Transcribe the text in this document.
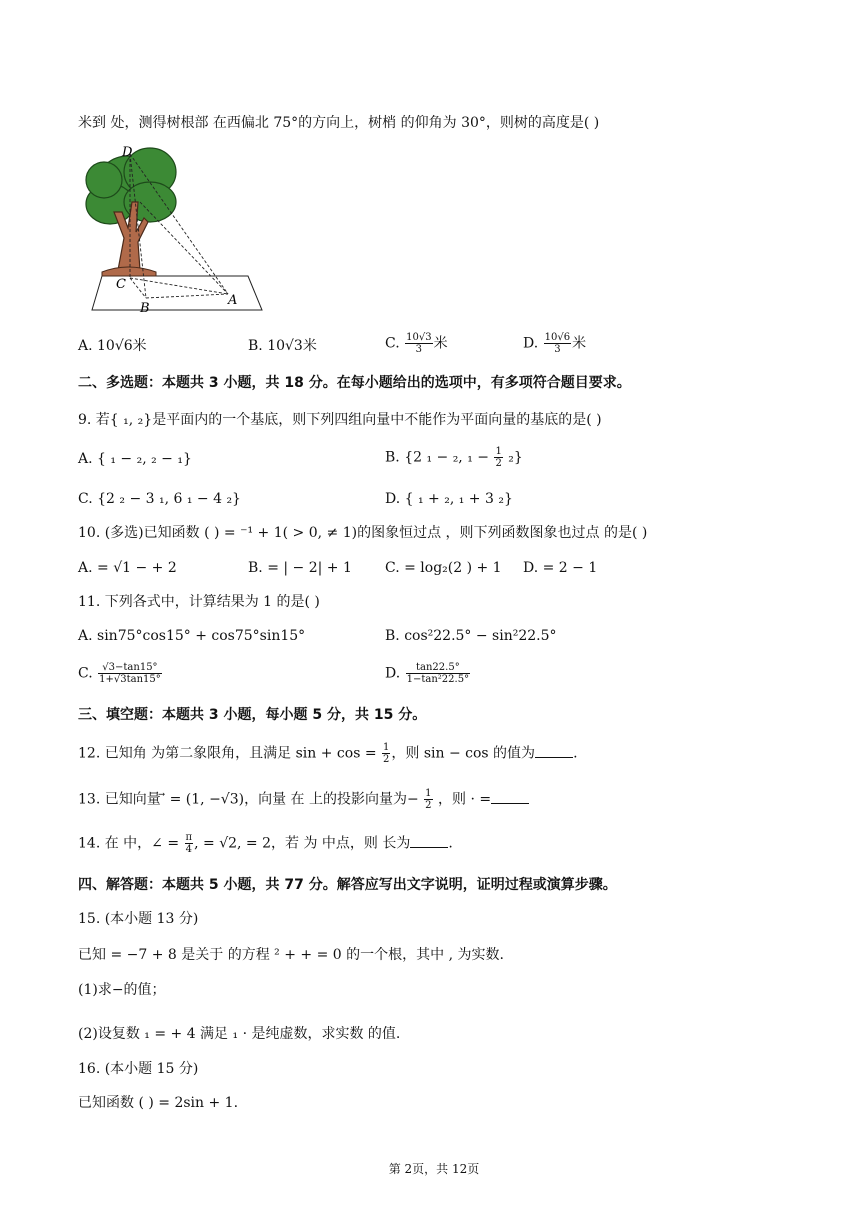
米到 处，测得树根部 在西偏北 75°的方向上，树梢 的仰角为 30°，则树的高度是( )
D
C
B
A
A. 10√6米	B. 10√3米	C. $\frac{10√3}{3}$ 米	D. $\frac{10√6}{3}$ 米
二、多选题：本题共 3 小题，共 18 分。在每小题给出的选项中，有多项符合题目要求。
9. 若{ ₁, ₂}是平面内的一个基底，则下列四组向量中不能作为平面向量的基底的是( )
A. { ₁ − ₂, ₂ − ₁}	B. {2 ₁ − ₂, $_1 - \frac{1}{2} _2$}
C. {2 ₂ − 3 ₁, 6 ₁ − 4 ₂}	D. { ₁ + ₂, ₁ + 3 ₂}
10. (多选)已知函数 ( ) = ⁻¹ + 1( > 0, ≠ 1)的图象恒过点 ，则下列函数图象也过点 的是( )
A. = √1 − + 2	B. = | − 2| + 1 C. = log₂(2 ) + 1 D. = 2 − 1
11. 下列各式中，计算结果为 1 的是( )
A. sin75°cos15° + cos75°sin15°	B. cos²22.5° − sin²22.5°
C. $\frac{√3-\tan 15^\circ}{1+√3\tan 15^\circ}$	D. $\frac{\tan 22.5^\circ}{\text{1−tan²22.5°}}$
三、填空题：本题共 3 小题，每小题 5 分，共 15 分。
12. 已知角 为第二象限角，且满足 $\sin + \cos = \frac{1}{2}$ ，则 sin − cos 的值为	.
13. 已知向量 ⃗ = (1, −√3)，向量 在 上的投影向量为− $\frac{1}{2}$ ，则 · =
14. 在 中，∠ = $\frac{\pi}{4}$ , = √2, = 2，若 为 中点，则 长为	.
四、解答题：本题共 5 小题，共 77 分。解答应写出文字说明，证明过程或演算步骤。
15. (本小题 13 分)
已知 = −7 + 8 是关于 的方程 ² + + = 0 的一个根，其中 , 为实数.
(1)求−的值；
(2)设复数 ₁ = + 4 满足 ₁ · 是纯虚数，求实数 的值.
16. (本小题 15 分)
已知函数 ( ) = 2sin + 1.
第 2页，共 12页
